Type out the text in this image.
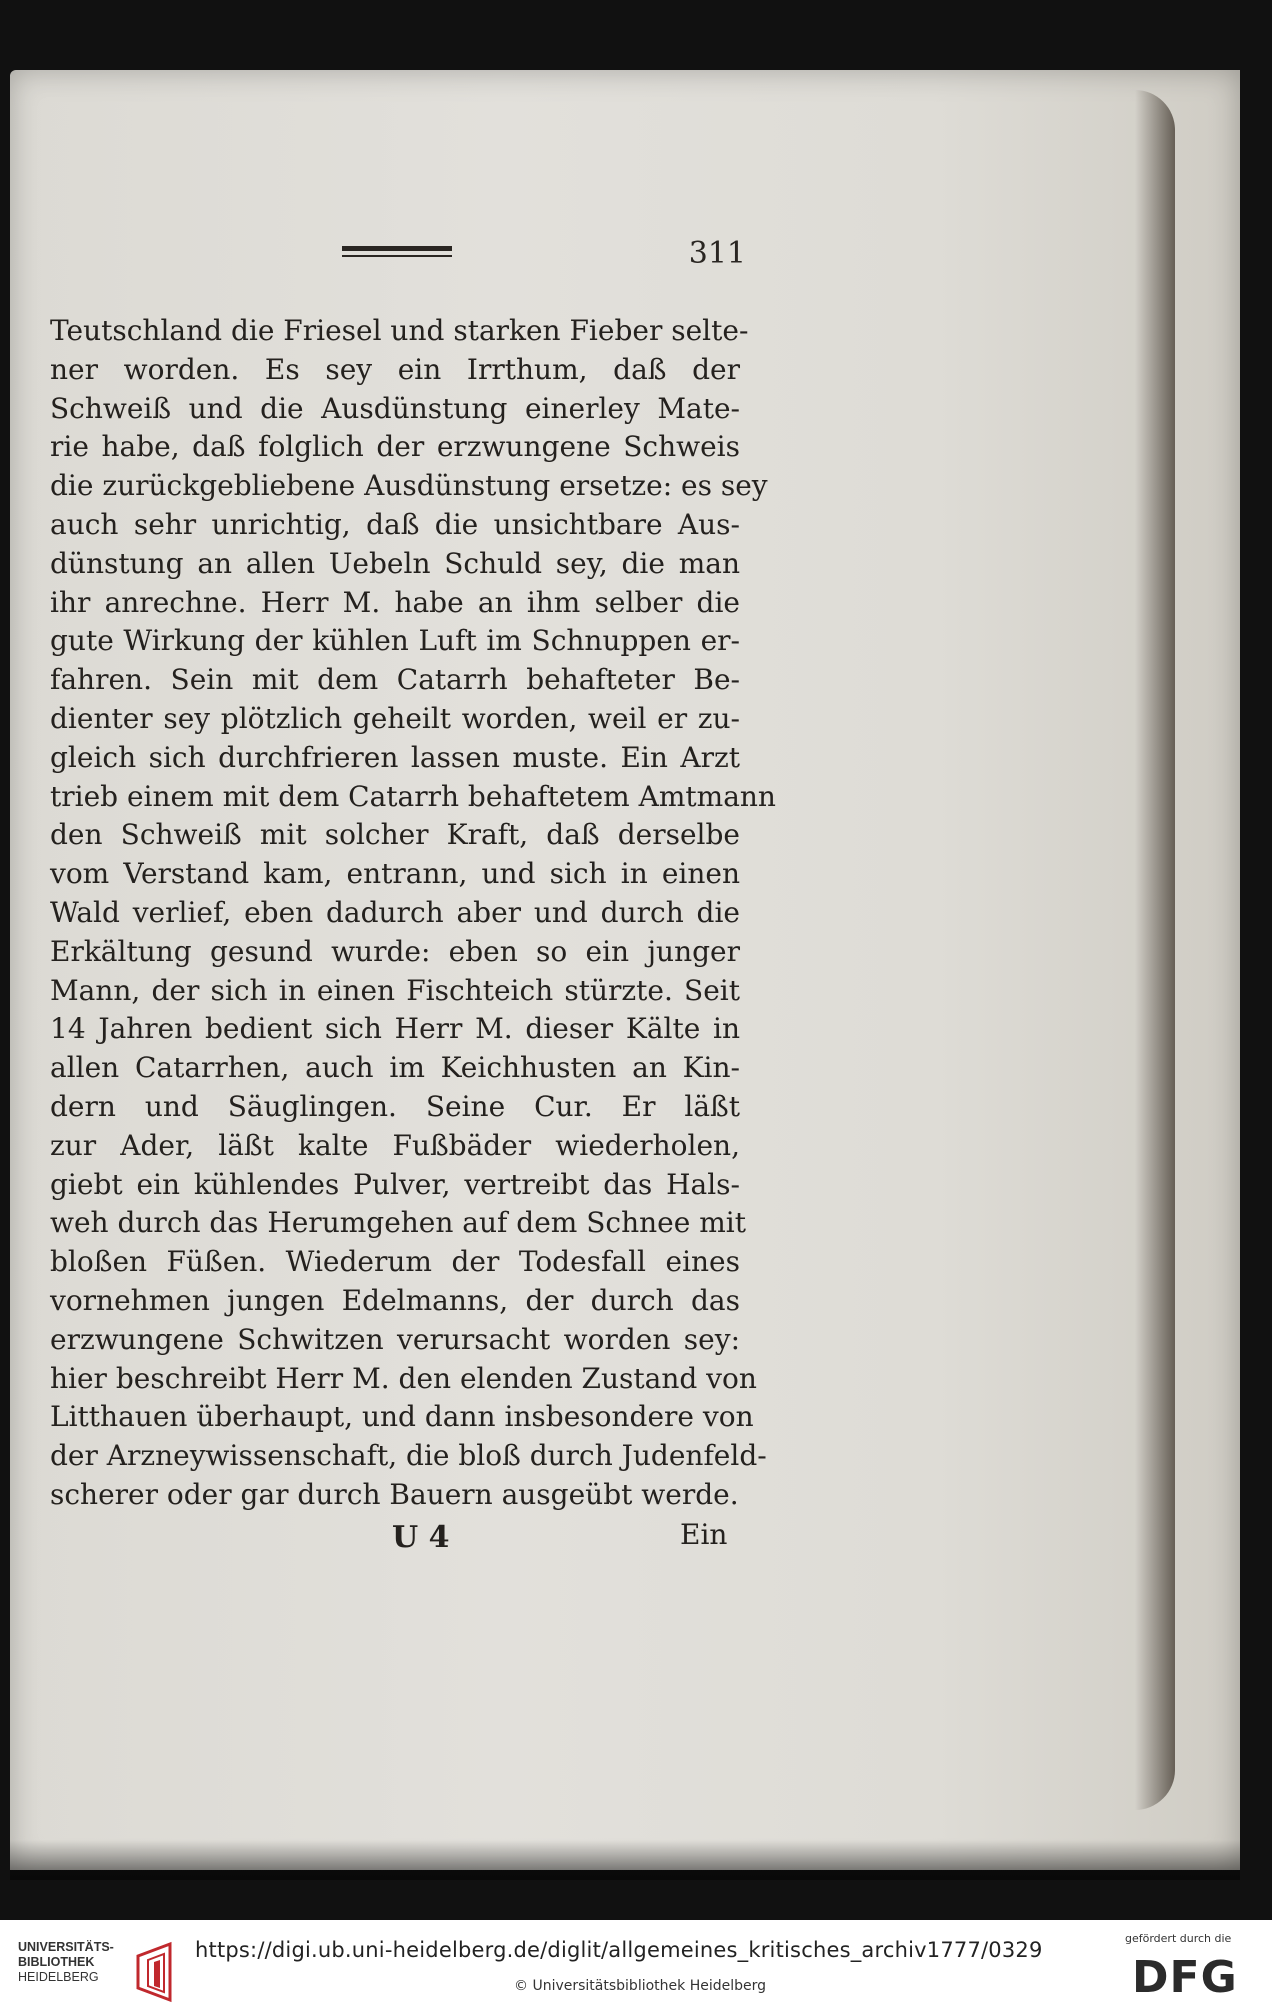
311
Teutschland die Friesel und starken Fieber selte-
ner worden. Es sey ein Irrthum, daß der
Schweiß und die Ausdünstung einerley Mate-
rie habe, daß folglich der erzwungene Schweis
die zurückgebliebene Ausdünstung ersetze: es sey
auch sehr unrichtig, daß die unsichtbare Aus-
dünstung an allen Uebeln Schuld sey, die man
ihr anrechne. Herr M. habe an ihm selber die
gute Wirkung der kühlen Luft im Schnuppen er-
fahren. Sein mit dem Catarrh behafteter Be-
dienter sey plötzlich geheilt worden, weil er zu-
gleich sich durchfrieren lassen muste. Ein Arzt
trieb einem mit dem Catarrh behaftetem Amtmann
den Schweiß mit solcher Kraft, daß derselbe
vom Verstand kam, entrann, und sich in einen
Wald verlief, eben dadurch aber und durch die
Erkältung gesund wurde: eben so ein junger
Mann, der sich in einen Fischteich stürzte. Seit
14 Jahren bedient sich Herr M. dieser Kälte in
allen Catarrhen, auch im Keichhusten an Kin-
dern und Säuglingen. Seine Cur. Er läßt
zur Ader, läßt kalte Fußbäder wiederholen,
giebt ein kühlendes Pulver, vertreibt das Hals-
weh durch das Herumgehen auf dem Schnee mit
bloßen Füßen. Wiederum der Todesfall eines
vornehmen jungen Edelmanns, der durch das
erzwungene Schwitzen verursacht worden sey:
hier beschreibt Herr M. den elenden Zustand von
Litthauen überhaupt, und dann insbesondere von
der Arzneywissenschaft, die bloß durch Judenfeld-
scherer oder gar durch Bauern ausgeübt werde.
U 4	Ein
UNIVERSITÄTS-
BIBLIOTHEK
HEIDELBERG
https://digi.ub.uni-heidelberg.de/diglit/allgemeines_kritisches_archiv1777/0329
© Universitätsbibliothek Heidelberg
gefördert durch die
DFG
